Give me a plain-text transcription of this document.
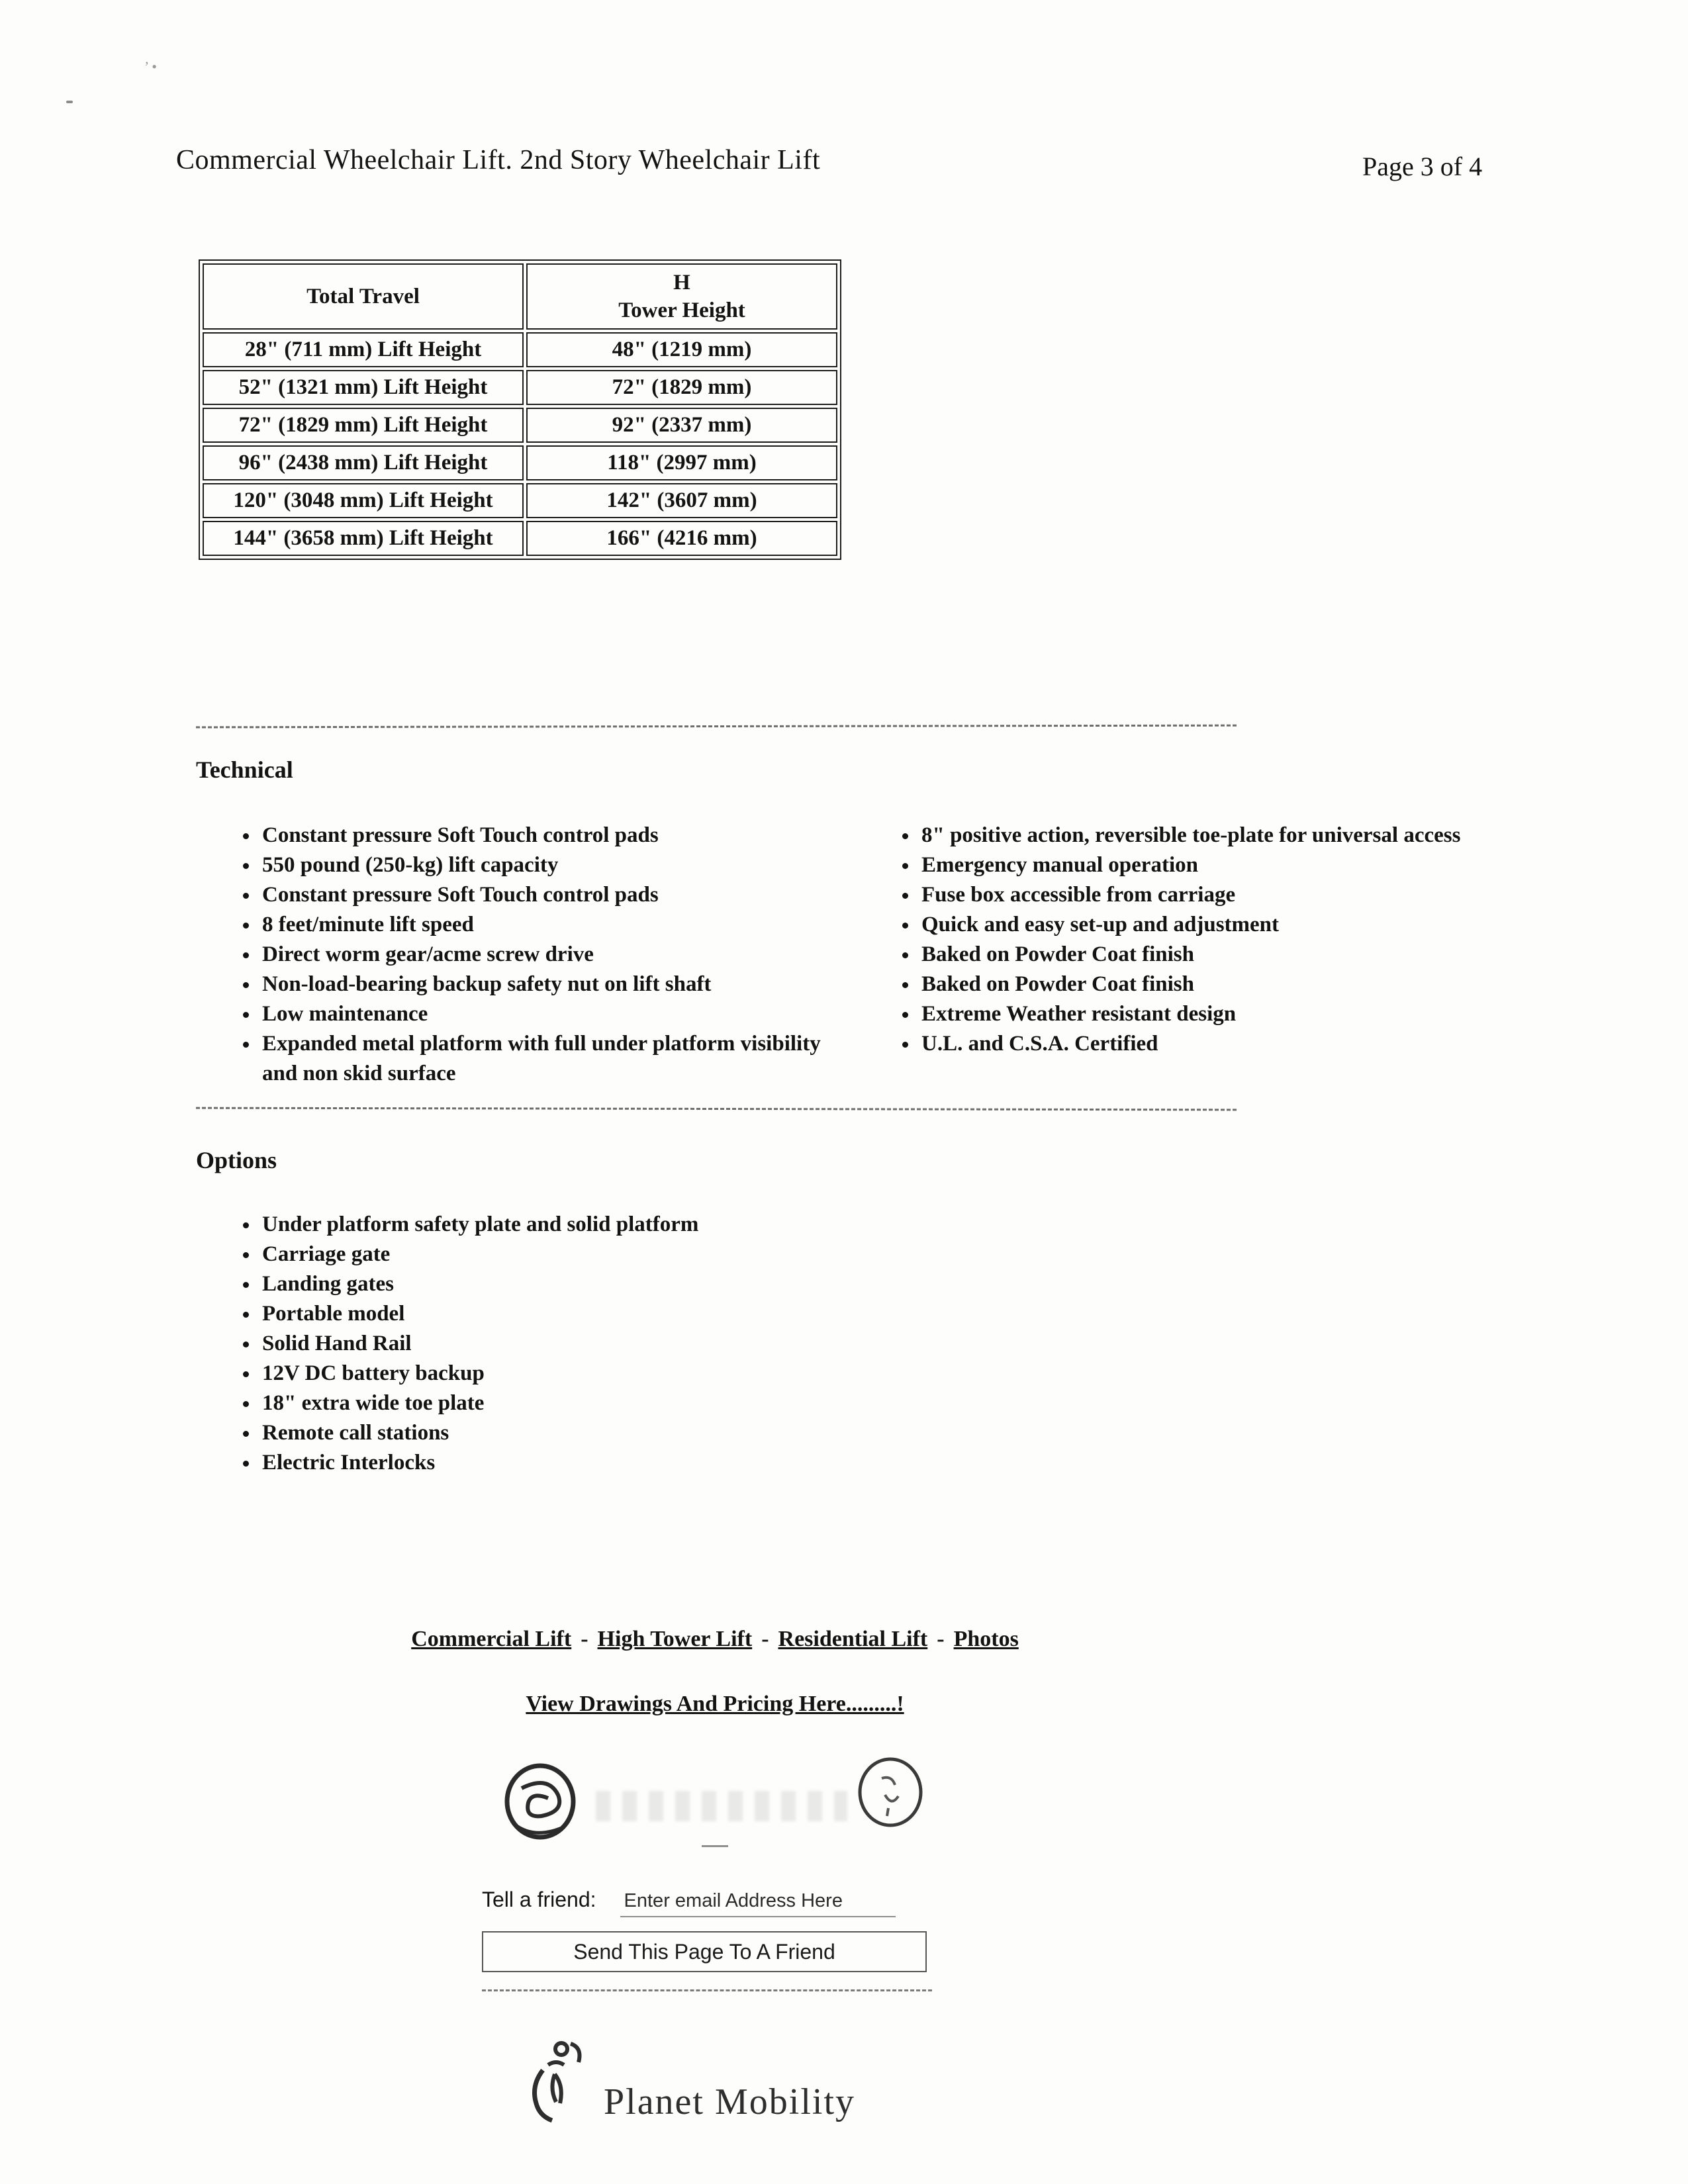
’ •
Commercial Wheelchair Lift. 2nd Story Wheelchair Lift	Page 3 of 4
Total Travel	H
Tower Height

28" (711 mm) Lift Height	48" (1219 mm)
52" (1321 mm) Lift Height	72" (1829 mm)
72" (1829 mm) Lift Height	92" (2337 mm)
96" (2438 mm) Lift Height	118" (2997 mm)
120" (3048 mm) Lift Height	142" (3607 mm)
144" (3658 mm) Lift Height	166" (4216 mm)
Technical
• Constant pressure Soft Touch control pads
• 550 pound (250-kg) lift capacity
• Constant pressure Soft Touch control pads
• 8 feet/minute lift speed
• Direct worm gear/acme screw drive
• Non-load-bearing backup safety nut on lift shaft
• Low maintenance
• Expanded metal platform with full under platform visibility and non skid surface
• 8" positive action, reversible toe-plate for universal access
• Emergency manual operation
• Fuse box accessible from carriage
• Quick and easy set-up and adjustment
• Baked on Powder Coat finish
• Baked on Powder Coat finish
• Extreme Weather resistant design
• U.L. and C.S.A. Certified
Options
• Under platform safety plate and solid platform
• Carriage gate
• Landing gates
• Portable model
• Solid Hand Rail
• 12V DC battery backup
• 18" extra wide toe plate
• Remote call stations
• Electric Interlocks
Commercial Lift - High Tower Lift - Residential Lift - Photos
View Drawings And Pricing Here.........!
Tell a friend:
Enter email Address Here
Send This Page To A Friend
Planet Mobility
